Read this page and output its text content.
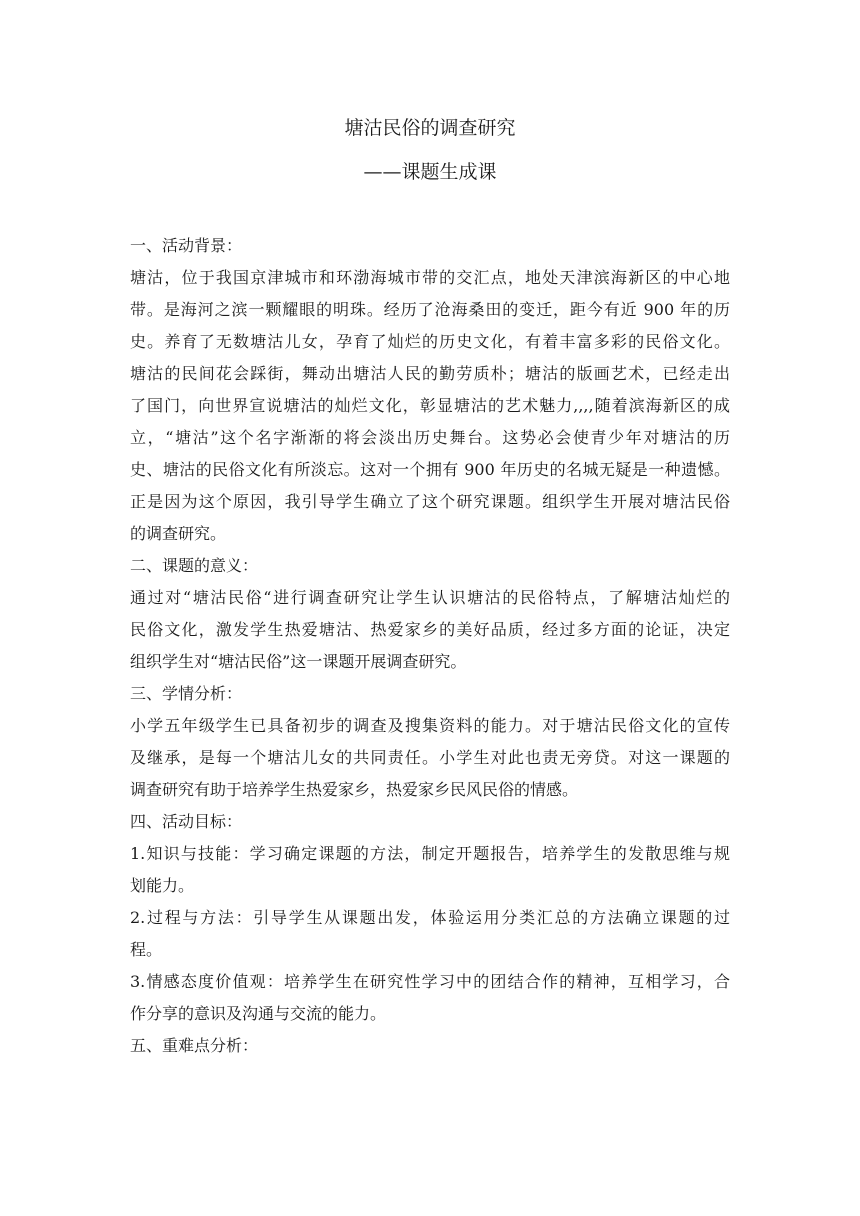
塘沽民俗的调查研究
——课题生成课
一、活动背景：
塘沽，位于我国京津城市和环渤海城市带的交汇点，地处天津滨海新区的中心地
带。是海河之滨一颗耀眼的明珠。经历了沧海桑田的变迁，距今有近 900 年的历
史。养育了无数塘沽儿女，孕育了灿烂的历史文化，有着丰富多彩的民俗文化。
塘沽的民间花会踩街，舞动出塘沽人民的勤劳质朴；塘沽的版画艺术，已经走出
了国门，向世界宣说塘沽的灿烂文化，彰显塘沽的艺术魅力,,,,随着滨海新区的成
立，“塘沽”这个名字渐渐的将会淡出历史舞台。这势必会使青少年对塘沽的历
史、塘沽的民俗文化有所淡忘。这对一个拥有 900 年历史的名城无疑是一种遗憾。
正是因为这个原因，我引导学生确立了这个研究课题。组织学生开展对塘沽民俗
的调查研究。
二、课题的意义：
通过对“塘沽民俗“进行调查研究让学生认识塘沽的民俗特点，了解塘沽灿烂的
民俗文化，激发学生热爱塘沽、热爱家乡的美好品质，经过多方面的论证，决定
组织学生对“塘沽民俗”这一课题开展调查研究。
三、学情分析：
小学五年级学生已具备初步的调查及搜集资料的能力。对于塘沽民俗文化的宣传
及继承，是每一个塘沽儿女的共同责任。小学生对此也责无旁贷。对这一课题的
调查研究有助于培养学生热爱家乡，热爱家乡民风民俗的情感。
四、活动目标：
1.知识与技能：学习确定课题的方法，制定开题报告，培养学生的发散思维与规
划能力。
2.过程与方法：引导学生从课题出发，体验运用分类汇总的方法确立课题的过
程。
3.情感态度价值观：培养学生在研究性学习中的团结合作的精神，互相学习，合
作分享的意识及沟通与交流的能力。
五、重难点分析：
